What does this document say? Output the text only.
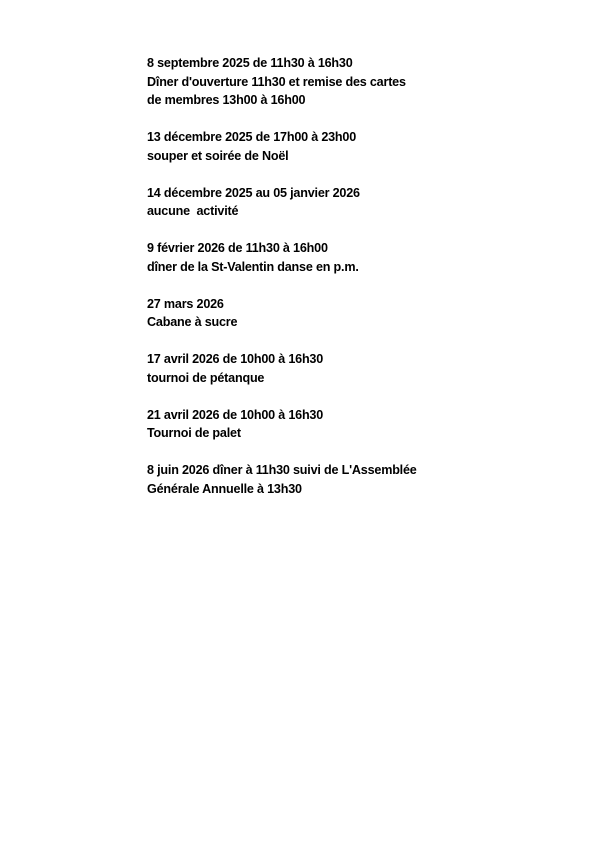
8 septembre 2025 de 11h30 à 16h30
Dîner d'ouverture 11h30 et remise des cartes
de membres 13h00 à 16h00
13 décembre 2025 de 17h00 à 23h00
souper et soirée de Noël
14 décembre 2025 au 05 janvier 2026
aucune  activité
9 février 2026 de 11h30 à 16h00
dîner de la St-Valentin danse en p.m.
27 mars 2026
Cabane à sucre
17 avril 2026 de 10h00 à 16h30
tournoi de pétanque
21 avril 2026 de 10h00 à 16h30
Tournoi de palet
8 juin 2026 dîner à 11h30 suivi de L'Assemblée
Générale Annuelle à 13h30
